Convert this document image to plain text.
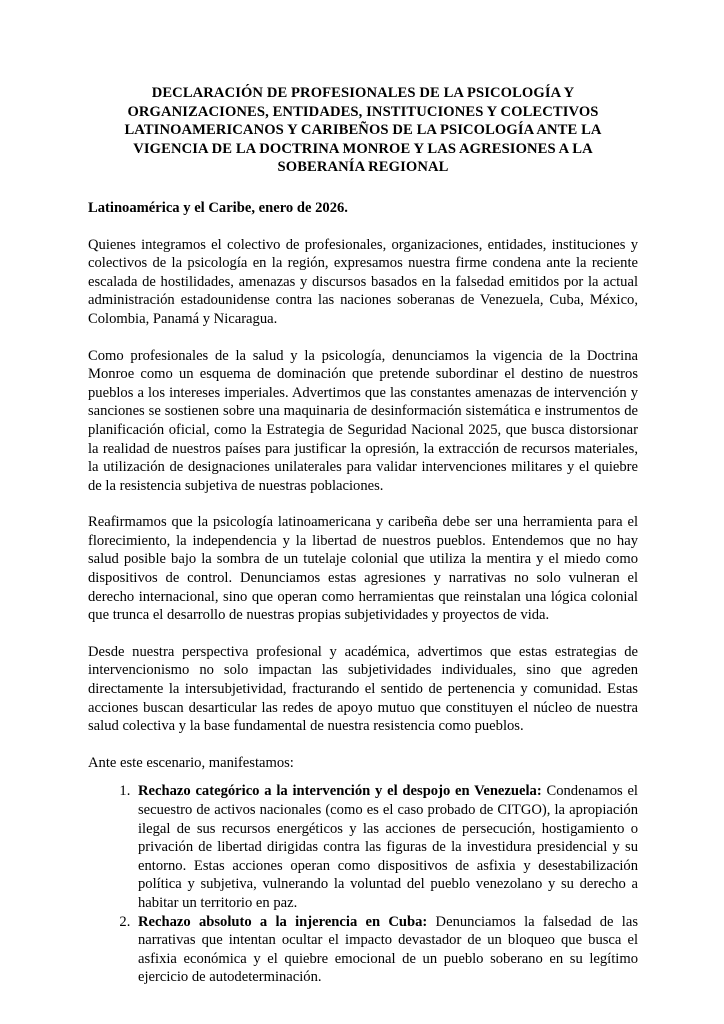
DECLARACIÓN DE PROFESIONALES DE LA PSICOLOGÍA Y
ORGANIZACIONES, ENTIDADES, INSTITUCIONES Y COLECTIVOS
LATINOAMERICANOS Y CARIBEÑOS DE LA PSICOLOGÍA ANTE LA
VIGENCIA DE LA DOCTRINA MONROE Y LAS AGRESIONES A LA
SOBERANÍA REGIONAL
Latinoamérica y el Caribe, enero de 2026.

Quienes integramos el colectivo de profesionales, organizaciones, entidades, instituciones y colectivos de la psicología en la región, expresamos nuestra firme condena ante la reciente escalada de hostilidades, amenazas y discursos basados en la falsedad emitidos por la actual administración estadounidense contra las naciones soberanas de Venezuela, Cuba, México, Colombia, Panamá y Nicaragua.

Como profesionales de la salud y la psicología, denunciamos la vigencia de la Doctrina Monroe como un esquema de dominación que pretende subordinar el destino de nuestros pueblos a los intereses imperiales. Advertimos que las constantes amenazas de intervención y sanciones se sostienen sobre una maquinaria de desinformación sistemática e instrumentos de planificación oficial, como la Estrategia de Seguridad Nacional 2025, que busca distorsionar la realidad de nuestros países para justificar la opresión, la extracción de recursos materiales, la utilización de designaciones unilaterales para validar intervenciones militares y el quiebre de la resistencia subjetiva de nuestras poblaciones.

Reafirmamos que la psicología latinoamericana y caribeña debe ser una herramienta para el florecimiento, la independencia y la libertad de nuestros pueblos. Entendemos que no hay salud posible bajo la sombra de un tutelaje colonial que utiliza la mentira y el miedo como dispositivos de control. Denunciamos estas agresiones y narrativas no solo vulneran el derecho internacional, sino que operan como herramientas que reinstalan una lógica colonial que trunca el desarrollo de nuestras propias subjetividades y proyectos de vida.

Desde nuestra perspectiva profesional y académica, advertimos que estas estrategias de intervencionismo no solo impactan las subjetividades individuales, sino que agreden directamente la intersubjetividad, fracturando el sentido de pertenencia y comunidad. Estas acciones buscan desarticular las redes de apoyo mutuo que constituyen el núcleo de nuestra salud colectiva y la base fundamental de nuestra resistencia como pueblos.

Ante este escenario, manifestamos:

1. Rechazo categórico a la intervención y el despojo en Venezuela: Condenamos el secuestro de activos nacionales (como es el caso probado de CITGO), la apropiación ilegal de sus recursos energéticos y las acciones de persecución, hostigamiento o privación de libertad dirigidas contra las figuras de la investidura presidencial y su entorno. Estas acciones operan como dispositivos de asfixia y desestabilización política y subjetiva, vulnerando la voluntad del pueblo venezolano y su derecho a habitar un territorio en paz.
2. Rechazo absoluto a la injerencia en Cuba: Denunciamos la falsedad de las narrativas que intentan ocultar el impacto devastador de un bloqueo que busca el asfixia económica y el quiebre emocional de un pueblo soberano en su legítimo ejercicio de autodeterminación.
